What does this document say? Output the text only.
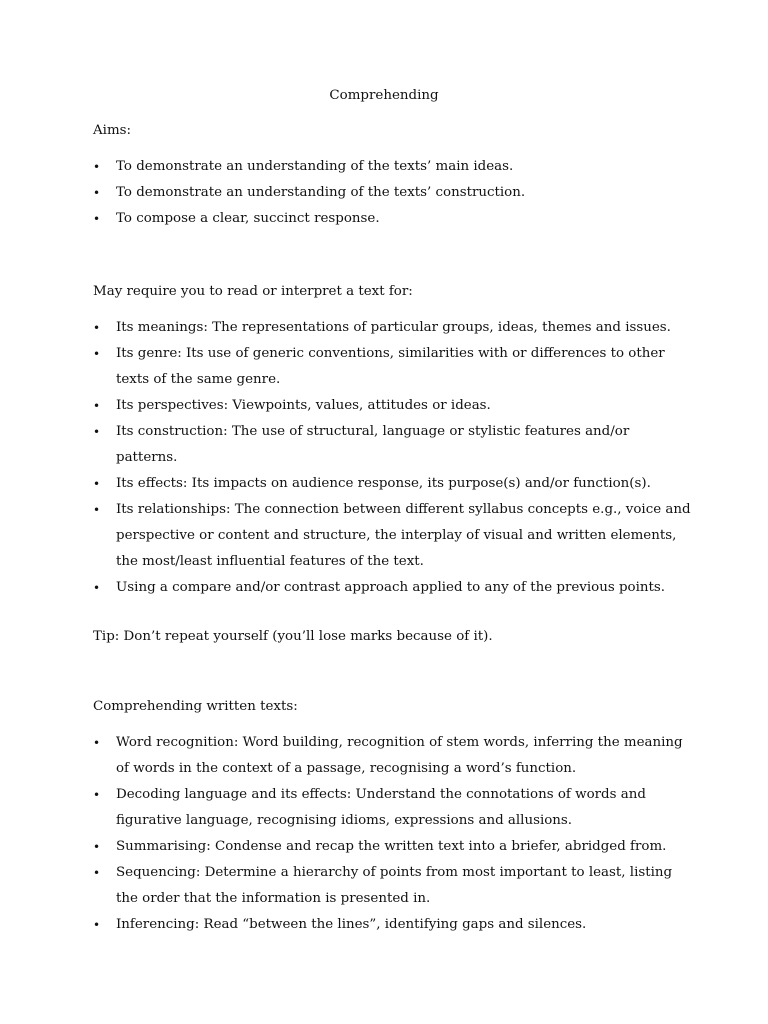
Comprehending
Aims:
•
To demonstrate an understanding of the texts’ main ideas.
•
To demonstrate an understanding of the texts’ construction.
•
To compose a clear, succinct response.
May require you to read or interpret a text for:
•
Its meanings: The representations of particular groups, ideas, themes and issues.
•
Its genre: Its use of generic conventions, similarities with or differences to other texts of the same genre.
•
Its perspectives: Viewpoints, values, attitudes or ideas.
•
Its construction: The use of structural, language or stylistic features and/or patterns.
•
Its effects: Its impacts on audience response, its purpose(s) and/or function(s).
•
Its relationships: The connection between different syllabus concepts e.g., voice and perspective or content and structure, the interplay of visual and written elements, the most/least influential features of the text.
•
Using a compare and/or contrast approach applied to any of the previous points.
Tip: Don’t repeat yourself (you’ll lose marks because of it).
Comprehending written texts:
•
Word recognition: Word building, recognition of stem words, inferring the meaning of words in the context of a passage, recognising a word’s function.
•
Decoding language and its effects: Understand the connotations of words and figurative language, recognising idioms, expressions and allusions.
•
Summarising: Condense and recap the written text into a briefer, abridged from.
•
Sequencing: Determine a hierarchy of points from most important to least, listing the order that the information is presented in.
•
Inferencing: Read “between the lines”, identifying gaps and silences.
